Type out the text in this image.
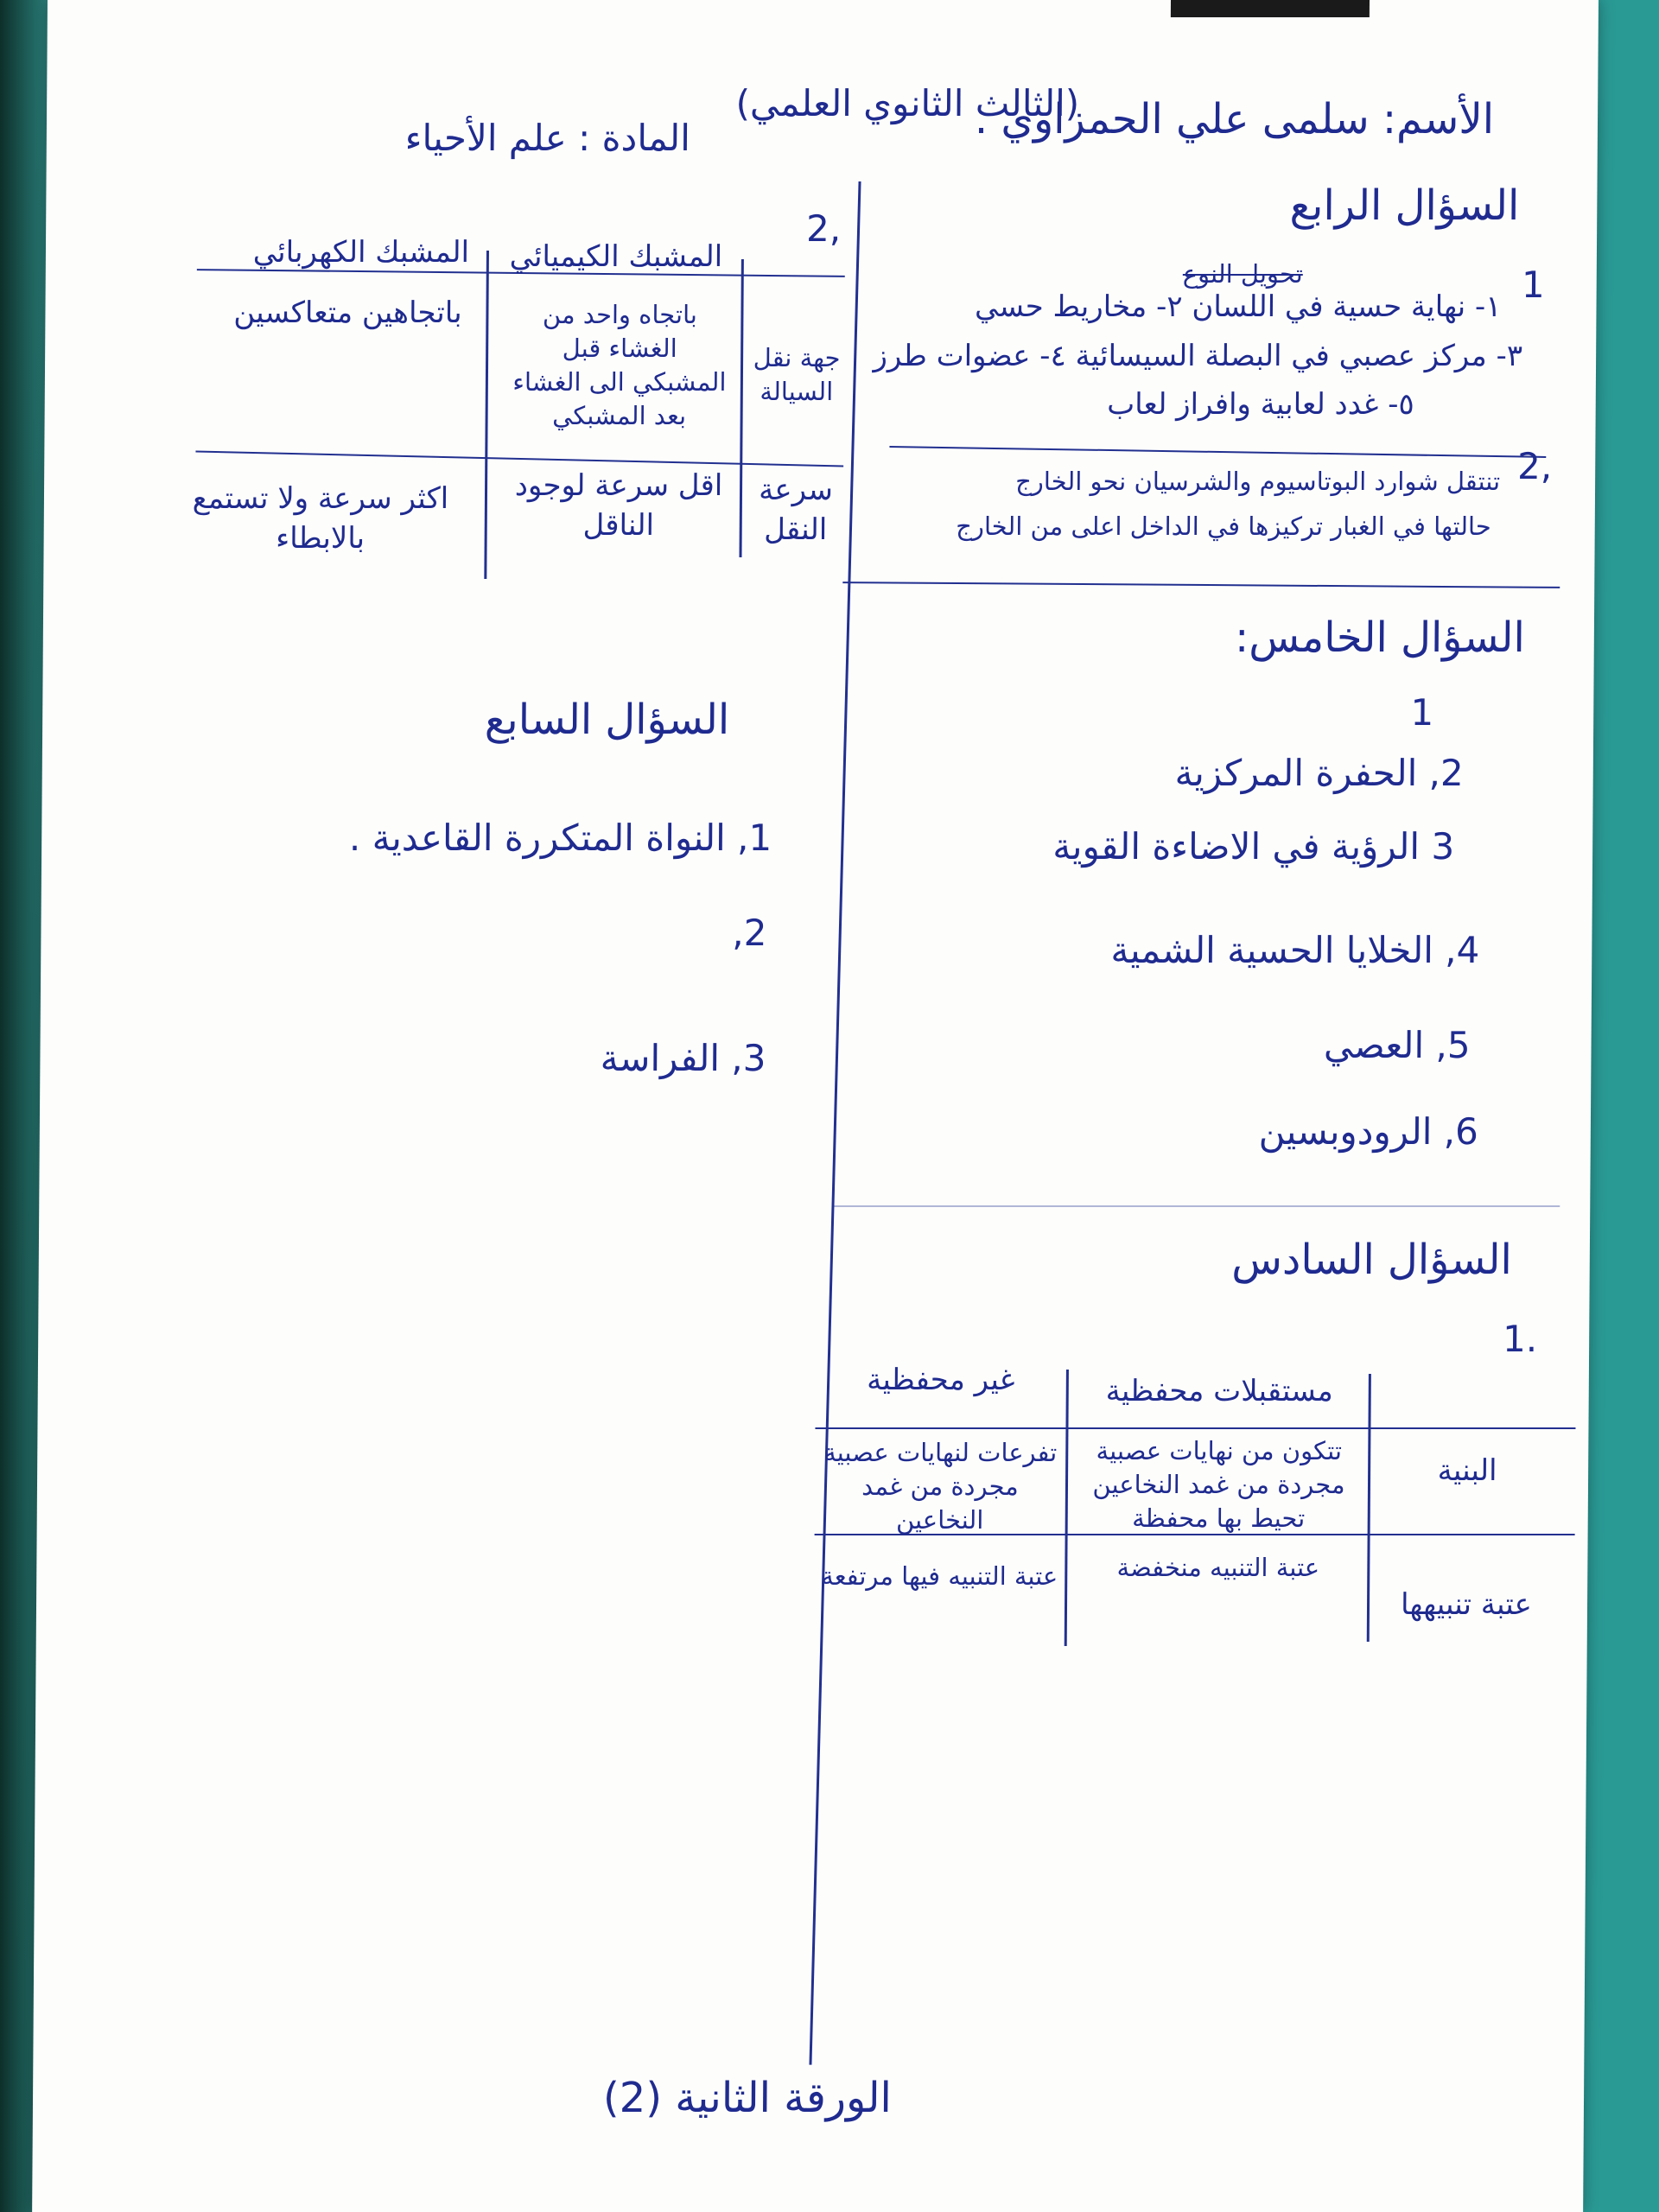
الأسم: سلمى علي الحمزاوي .
(الثالث الثانوي العلمي)
المادة : علم الأحياء
السؤال الرابع
1
تحويل النوع
١- نهاية حسية في اللسان ٢- مخاريط حسي
٣- مركز عصبي في البصلة السيسائية ٤- عضوات طرز
٥- غدد لعابية وافراز لعاب
2,
تنتقل شوارد البوتاسيوم والشرسيان نحو الخارج
حالتها في الغبار تركيزها في الداخل اعلى من الخارج
السؤال الخامس:
1
2, الحفرة المركزية
3 الرؤية في الاضاءة القوية
4, الخلايا الحسية الشمية
5, العصي
6, الرودوبسين
السؤال السادس
1.
مستقبلات محفظية
غير محفظية
البنية
تتكون من نهايات عصبية مجردة من غمد النخاعين تحيط بها محفظة
تفرعات لنهايات عصبية مجردة من غمد النخاعين
عتبة تنبيهها
عتبة التنبيه منخفضة
عتبة التنبيه فيها مرتفعة
2,
المشبك الكيميائي
المشبك الكهربائي
جهة نقل السيالة
باتجاه واحد من الغشاء قبل المشبكي الى الغشاء بعد المشبكي
باتجاهين متعاكسين
سرعة النقل
اقل سرعة لوجود الناقل
اكثر سرعة ولا تستمع بالابطاء
السؤال السابع
1, النواة المتكررة القاعدية .
2,
3, الفراسة
الورقة الثانية (2)
